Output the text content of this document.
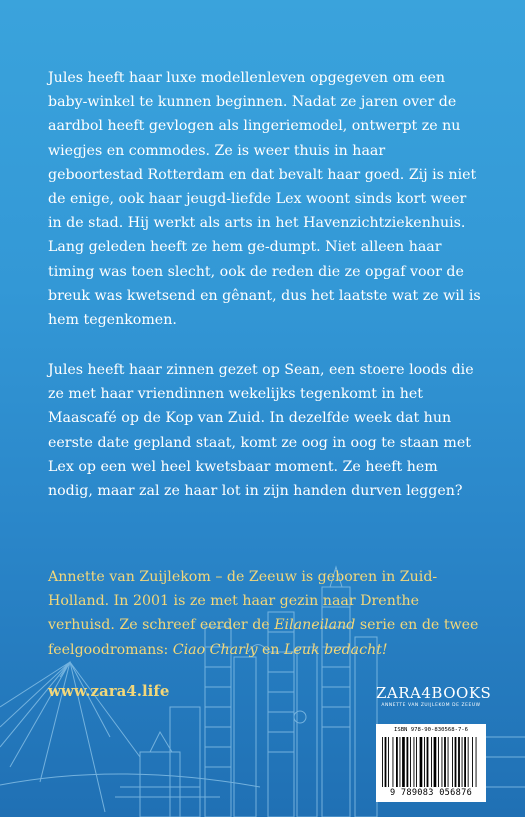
Jules heeft haar luxe modellenleven opgegeven om een baby-winkel te kunnen beginnen. Nadat ze jaren over de aardbol heeft gevlogen als lingeriemodel, ontwerpt ze nu wiegjes en commodes. Ze is weer thuis in haar geboortestad Rotterdam en dat bevalt haar goed. Zij is niet de enige, ook haar jeugd-liefde Lex woont sinds kort weer in de stad. Hij werkt als arts in het Havenzichtziekenhuis. Lang geleden heeft ze hem ge-dumpt. Niet alleen haar timing was toen slecht, ook de reden die ze opgaf voor de breuk was kwetsend en gênant, dus het laatste wat ze wil is hem tegenkomen.

Jules heeft haar zinnen gezet op Sean, een stoere loods die ze met haar vriendinnen wekelijks tegenkomt in het Maascafé op de Kop van Zuid. In dezelfde week dat hun eerste date gepland staat, komt ze oog in oog te staan met Lex op een wel heel kwetsbaar moment. Ze heeft hem nodig, maar zal ze haar lot in zijn handen durven leggen?

Annette van Zuijlekom – de Zeeuw is geboren in Zuid-Holland. In 2001 is ze met haar gezin naar Drenthe verhuisd. Ze schreef eerder de Eilaneiland serie en de twee feelgoodromans: Ciao Charly en Leuk bedacht!

www.zara4.life	ZARA4BOOKS
ANNETTE VAN ZUIJLEKOM DE ZEEUW
ISBN 978-90-830568-7-6
9 789083 056876
